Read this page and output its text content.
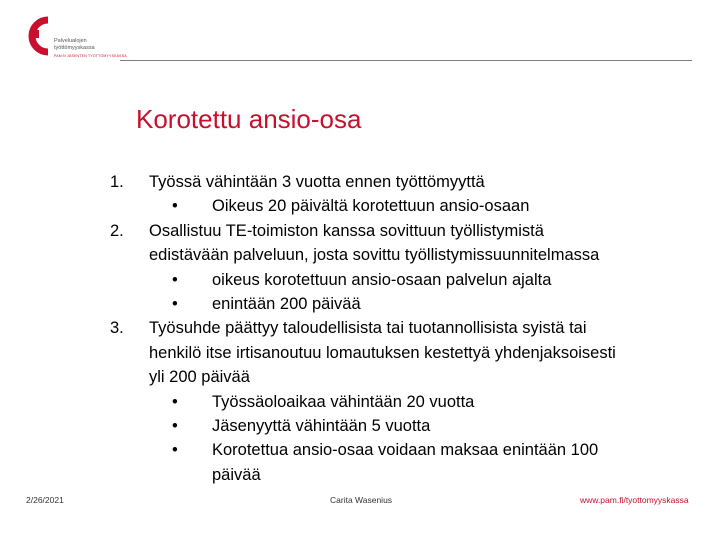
Palvelualojen
työttömyyskassa
PAM:N JÄSENTEN TYÖTTÖMYYSKASSA
Korotettu ansio-osa
1. Työssä vähintään 3 vuotta ennen työttömyyttä
• Oikeus 20 päivältä korotettuun ansio-osaan
2. Osallistuu TE-toimiston kanssa sovittuun työllistymistä
edistävään palveluun, josta sovittu työllistymissuunnitelmassa
• oikeus korotettuun ansio-osaan palvelun ajalta
• enintään 200 päivää
3. Työsuhde päättyy taloudellisista tai tuotannollisista syistä tai
henkilö itse irtisanoutuu lomautuksen kestettyä yhdenjaksoisesti
yli 200 päivää
• Työssäoloaikaa vähintään 20 vuotta
• Jäsenyyttä vähintään 5 vuotta
• Korotettua ansio-osaa voidaan maksaa enintään 100
päivää
2/26/2021	Carita Wasenius	www.pam.fi/tyottomyyskassa
